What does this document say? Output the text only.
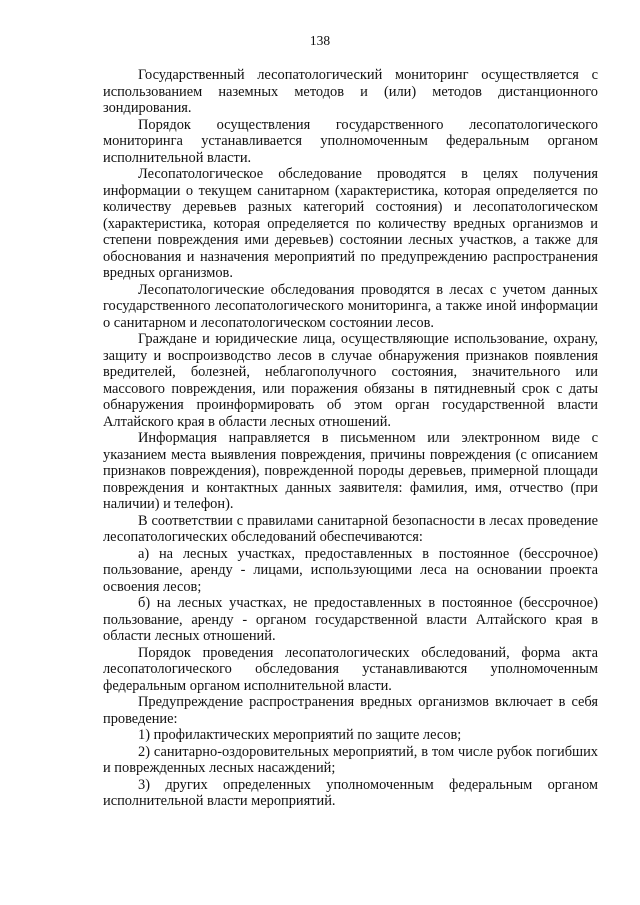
138

Государственный лесопатологический мониторинг осуществляется с использованием наземных методов и (или) методов дистанционного зондирования.

Порядок осуществления государственного лесопатологического мониторинга устанавливается уполномоченным федеральным органом исполнительной власти.

Лесопатологическое обследование проводятся в целях получения информации о текущем санитарном (характеристика, которая определяется по количеству деревьев разных категорий состояния) и лесопатологическом (характеристика, которая определяется по количеству вредных организмов и степени повреждения ими деревьев) состоянии лесных участков, а также для обоснования и назначения мероприятий по предупреждению распространения вредных организмов.

Лесопатологические обследования проводятся в лесах с учетом данных государственного лесопатологического мониторинга, а также иной информации о санитарном и лесопатологическом состоянии лесов.

Граждане и юридические лица, осуществляющие использование, охрану, защиту и воспроизводство лесов в случае обнаружения признаков появления вредителей, болезней, неблагополучного состояния, значительного или массового повреждения, или поражения обязаны в пятидневный срок с даты обнаружения проинформировать об этом орган государственной власти Алтайского края в области лесных отношений.

Информация направляется в письменном или электронном виде с указанием места выявления повреждения, причины повреждения (с описанием признаков повреждения), поврежденной породы деревьев, примерной площади повреждения и контактных данных заявителя: фамилия, имя, отчество (при наличии) и телефон).

В соответствии с правилами санитарной безопасности в лесах проведение лесопатологических обследований обеспечиваются:

а) на лесных участках, предоставленных в постоянное (бессрочное) пользование, аренду - лицами, использующими леса на основании проекта освоения лесов;

б) на лесных участках, не предоставленных в постоянное (бессрочное) пользование, аренду - органом государственной власти Алтайского края в области лесных отношений.

Порядок проведения лесопатологических обследований, форма акта лесопатологического обследования устанавливаются уполномоченным федеральным органом исполнительной власти.

Предупреждение распространения вредных организмов включает в себя проведение:

1) профилактических мероприятий по защите лесов;

2) санитарно-оздоровительных мероприятий, в том числе рубок погибших и поврежденных лесных насаждений;

3) других определенных уполномоченным федеральным органом исполнительной власти мероприятий.
